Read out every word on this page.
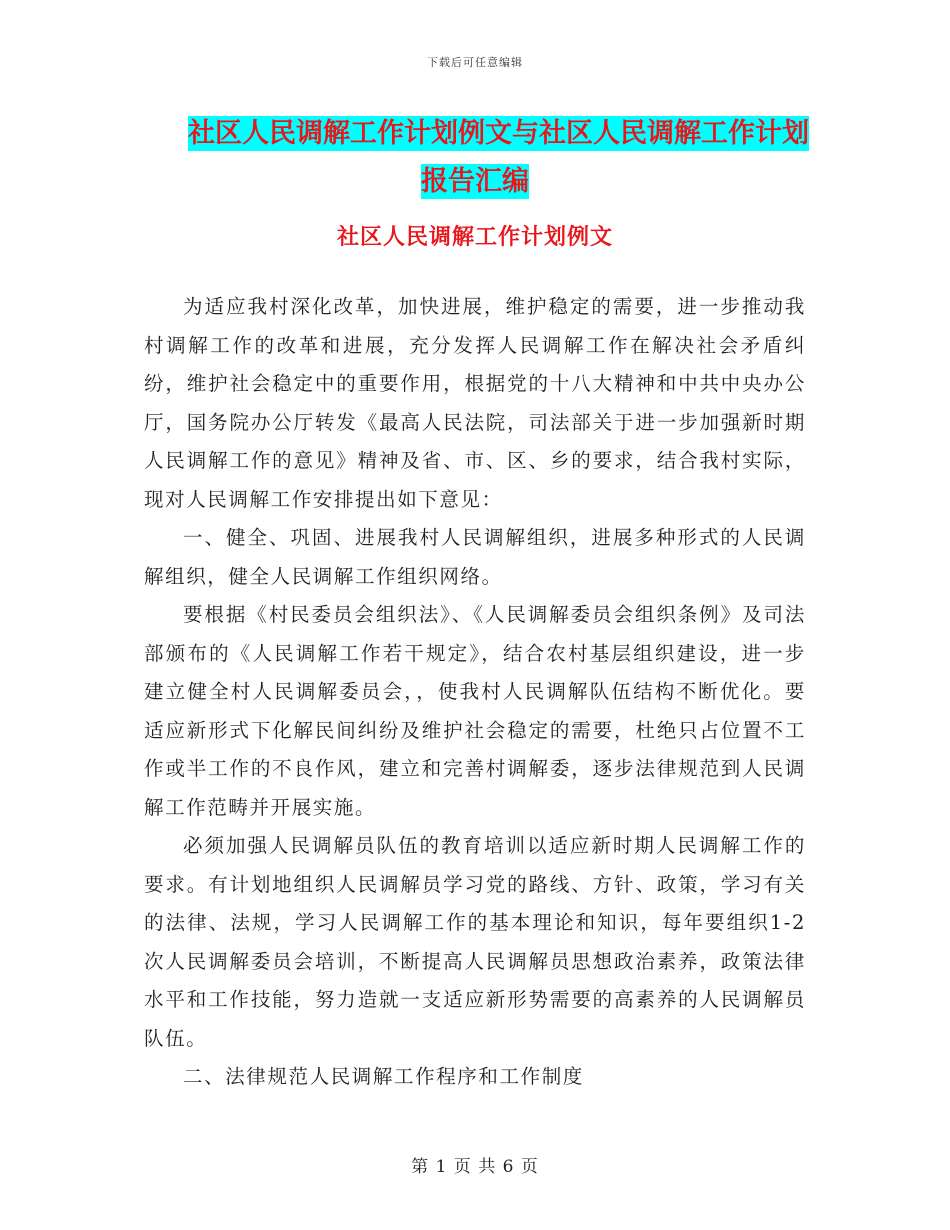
下载后可任意编辑
社区人民调解工作计划例文与社区人民调解工作计划
报告汇编
社区人民调解工作计划例文

为适应我村深化改革，加快进展，维护稳定的需要，进一步推动我村调解工作的改革和进展，充分发挥人民调解工作在解决社会矛盾纠纷，维护社会稳定中的重要作用，根据党的十八大精神和中共中央办公厅，国务院办公厅转发《最高人民法院，司法部关于进一步加强新时期人民调解工作的意见》精神及省、市、区、乡的要求，结合我村实际，现对人民调解工作安排提出如下意见：

一、健全、巩固、进展我村人民调解组织，进展多种形式的人民调解组织，健全人民调解工作组织网络。

要根据《村民委员会组织法》、《人民调解委员会组织条例》及司法部颁布的《人民调解工作若干规定》，结合农村基层组织建设，进一步建立健全村人民调解委员会，，使我村人民调解队伍结构不断优化。要适应新形式下化解民间纠纷及维护社会稳定的需要，杜绝只占位置不工作或半工作的不良作风，建立和完善村调解委，逐步法律规范到人民调解工作范畴并开展实施。

必须加强人民调解员队伍的教育培训以适应新时期人民调解工作的要求。有计划地组织人民调解员学习党的路线、方针、政策，学习有关的法律、法规，学习人民调解工作的基本理论和知识，每年要组织1-2次人民调解委员会培训，不断提高人民调解员思想政治素养，政策法律水平和工作技能，努力造就一支适应新形势需要的高素养的人民调解员队伍。

二、法律规范人民调解工作程序和工作制度

第 1 页 共 6 页
